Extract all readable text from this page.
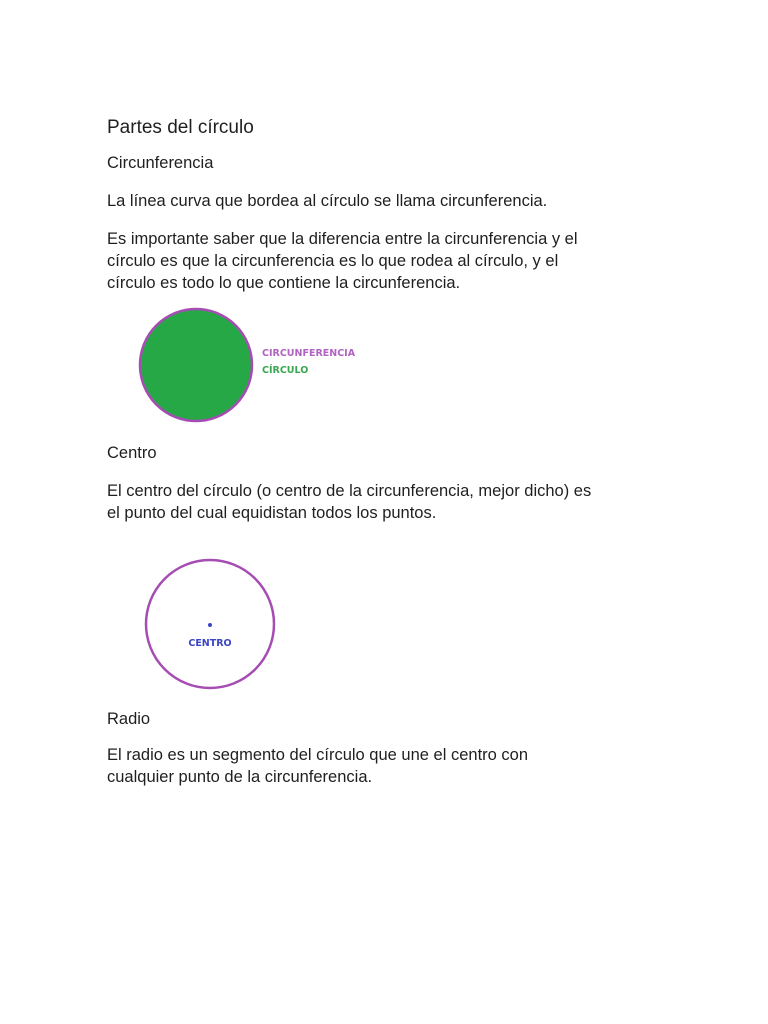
Partes del círculo
Circunferencia

La línea curva que bordea al círculo se llama circunferencia.

Es importante saber que la diferencia entre la circunferencia y el
círculo es que la circunferencia es lo que rodea al círculo, y el
círculo es todo lo que contiene la circunferencia.

CIRCUNFERENCIA
CÍRCULO
Centro

El centro del círculo (o centro de la circunferencia, mejor dicho) es
el punto del cual equidistan todos los puntos.

CENTRO
Radio

El radio es un segmento del círculo que une el centro con
cualquier punto de la circunferencia.
